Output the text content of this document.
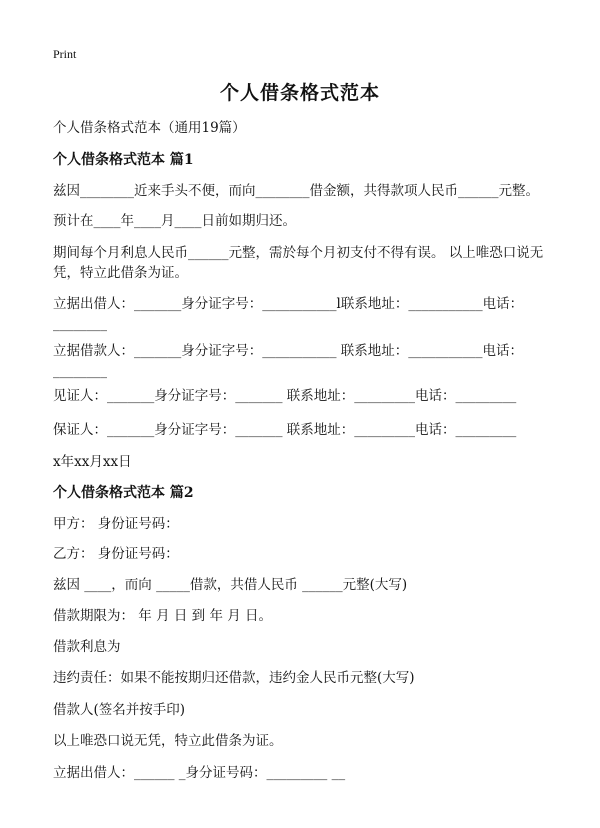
Print
个人借条格式范本
个人借条格式范本（通用19篇）
个人借条格式范本 篇1
兹因________近来手头不便，而向________借金额，共得款项人民币______元整。
预计在____年____月____日前如期归还。
期间每个月利息人民币______元整，需於每个月初支付不得有误。 以上唯恐口说无凭，特立此借条为证。
立据出借人：_______身分证字号：___________l联系地址：___________电话：________
立据借款人：_______身分证字号：___________ 联系地址：___________电话：________
见证人：_______身分证字号：_______ 联系地址：_________电话：_________
保证人：_______身分证字号：_______ 联系地址：_________电话：_________
x年xx月xx日
个人借条格式范本 篇2
甲方： 身份证号码：
乙方： 身份证号码：
兹因 ____，而向 _____借款，共借人民币 ______元整(大写)
借款期限为： 年 月 日 到 年 月 日。
借款利息为
违约责任：如果不能按期归还借款，违约金人民币元整(大写)
借款人(签名并按手印)
以上唯恐口说无凭，特立此借条为证。
立据出借人：______ _身分证号码：_________ __
